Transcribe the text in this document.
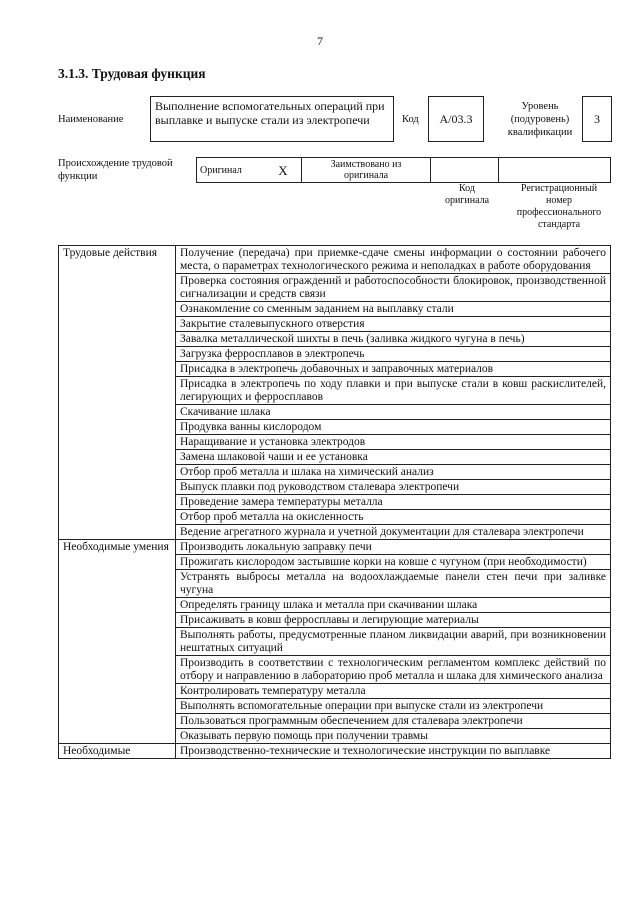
7
3.1.3. Трудовая функция
Наименование
Выполнение вспомогательных операций при выплавке и выпуске стали из электропечи	Код	А/03.3
Уровень
(подуровень)
квалификации
3
Происхождение трудовой
функции
Оригинал	X	Заимствовано из
оригинала

Код
оригинала
Регистрационный
номер
профессионального
стандарта
Трудовые действия	Получение (передача) при приемке-сдаче смены информации о состоянии рабочего места, о параметрах технологического режима и неполадках в работе оборудования
	Проверка состояния ограждений и работоспособности блокировок, производственной сигнализации и средств связи
	Ознакомление со сменным заданием на выплавку стали
	Закрытие сталевыпускного отверстия
	Завалка металлической шихты в печь (заливка жидкого чугуна в печь)
	Загрузка ферросплавов в электропечь
	Присадка в электропечь добавочных и заправочных материалов
	Присадка в электропечь по ходу плавки и при выпуске стали в ковш раскислителей, легирующих и ферросплавов
	Скачивание шлака
	Продувка ванны кислородом
	Наращивание и установка электродов
	Замена шлаковой чаши и ее установка
	Отбор проб металла и шлака на химический анализ
	Выпуск плавки под руководством сталевара электропечи
	Проведение замера температуры металла
	Отбор проб металла на окисленность
	Ведение агрегатного журнала и учетной документации для сталевара электропечи
Необходимые умения	Производить локальную заправку печи
	Прожигать кислородом застывшие корки на ковше с чугуном (при необходимости)
	Устранять выбросы металла на водоохлаждаемые панели стен печи при заливке чугуна
	Определять границу шлака и металла при скачивании шлака
	Присаживать в ковш ферросплавы и легирующие материалы
	Выполнять работы, предусмотренные планом ликвидации аварий, при возникновении нештатных ситуаций
	Производить в соответствии с технологическим регламентом комплекс действий по отбору и направлению в лабораторию проб металла и шлака для химического анализа
	Контролировать температуру металла
	Выполнять вспомогательные операции при выпуске стали из электропечи
	Пользоваться программным обеспечением для сталевара электропечи
	Оказывать первую помощь при получении травмы
Необходимые	Производственно-технические и технологические инструкции по выплавке
